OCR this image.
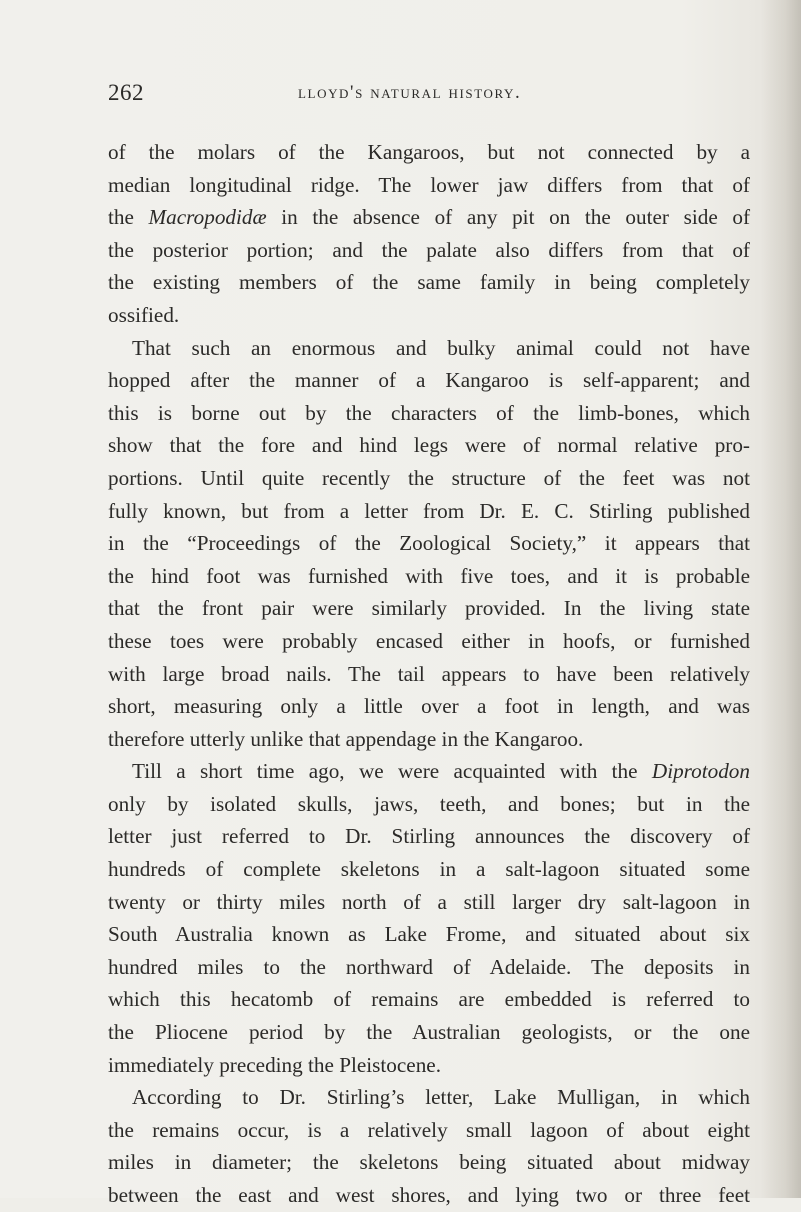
262	lloyd's natural history.
of the molars of the Kangaroos, but not connected by a
median longitudinal ridge. The lower jaw differs from that of
the Macropodidæ in the absence of any pit on the outer side of
the posterior portion; and the palate also differs from that of
the existing members of the same family in being completely
ossified.
That such an enormous and bulky animal could not have
hopped after the manner of a Kangaroo is self-apparent; and
this is borne out by the characters of the limb-bones, which
show that the fore and hind legs were of normal relative pro-
portions. Until quite recently the structure of the feet was not
fully known, but from a letter from Dr. E. C. Stirling published
in the “Proceedings of the Zoological Society,” it appears that
the hind foot was furnished with five toes, and it is probable
that the front pair were similarly provided. In the living state
these toes were probably encased either in hoofs, or furnished
with large broad nails. The tail appears to have been relatively
short, measuring only a little over a foot in length, and was
therefore utterly unlike that appendage in the Kangaroo.
Till a short time ago, we were acquainted with the Diprotodon
only by isolated skulls, jaws, teeth, and bones; but in the
letter just referred to Dr. Stirling announces the discovery of
hundreds of complete skeletons in a salt-lagoon situated some
twenty or thirty miles north of a still larger dry salt-lagoon in
South Australia known as Lake Frome, and situated about six
hundred miles to the northward of Adelaide. The deposits in
which this hecatomb of remains are embedded is referred to
the Pliocene period by the Australian geologists, or the one
immediately preceding the Pleistocene.
According to Dr. Stirling’s letter, Lake Mulligan, in which
the remains occur, is a relatively small lagoon of about eight
miles in diameter; the skeletons being situated about midway
between the east and west shores, and lying two or three feet
